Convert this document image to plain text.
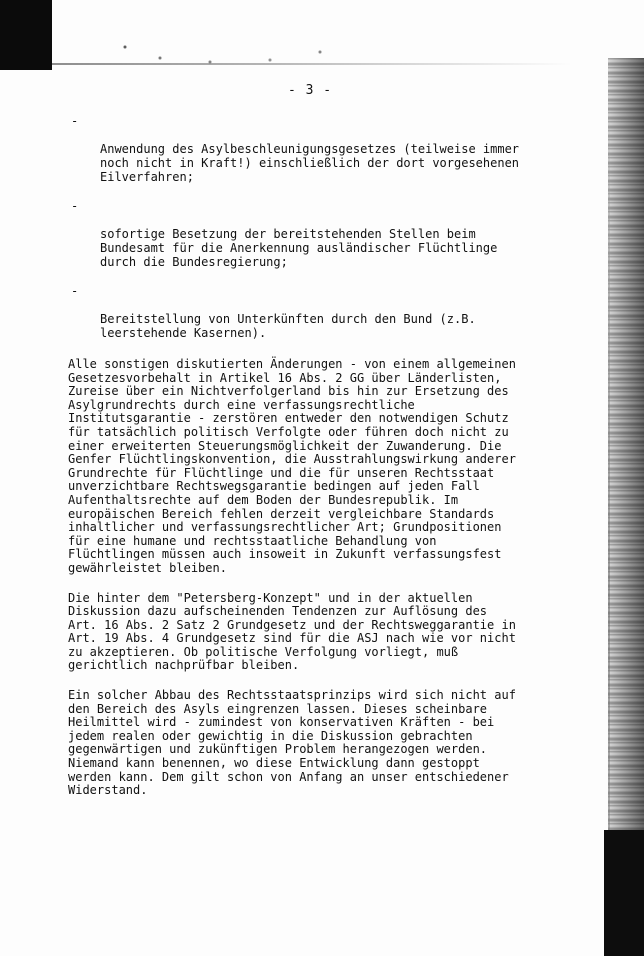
- 3 -

-

Anwendung des Asylbeschleunigungsgesetzes (teilweise immer
noch nicht in Kraft!) einschließlich der dort vorgesehenen
Eilverfahren;

-

sofortige Besetzung der bereitstehenden Stellen beim
Bundesamt für die Anerkennung ausländischer Flüchtlinge
durch die Bundesregierung;

-

Bereitstellung von Unterkünften durch den Bund (z.B.
leerstehende Kasernen).

Alle sonstigen diskutierten Änderungen - von einem allgemeinen
Gesetzesvorbehalt in Artikel 16 Abs. 2 GG über Länderlisten,
Zureise über ein Nichtverfolgerland bis hin zur Ersetzung des
Asylgrundrechts durch eine verfassungsrechtliche
Institutsgarantie - zerstören entweder den notwendigen Schutz
für tatsächlich politisch Verfolgte oder führen doch nicht zu
einer erweiterten Steuerungsmöglichkeit der Zuwanderung. Die
Genfer Flüchtlingskonvention, die Ausstrahlungswirkung anderer
Grundrechte für Flüchtlinge und die für unseren Rechtsstaat
unverzichtbare Rechtswegsgarantie bedingen auf jeden Fall
Aufenthaltsrechte auf dem Boden der Bundesrepublik. Im
europäischen Bereich fehlen derzeit vergleichbare Standards
inhaltlicher und verfassungsrechtlicher Art; Grundpositionen
für eine humane und rechtsstaatliche Behandlung von
Flüchtlingen müssen auch insoweit in Zukunft verfassungsfest
gewährleistet bleiben.

Die hinter dem "Petersberg-Konzept" und in der aktuellen
Diskussion dazu aufscheinenden Tendenzen zur Auflösung des
Art. 16 Abs. 2 Satz 2 Grundgesetz und der Rechtsweggarantie in
Art. 19 Abs. 4 Grundgesetz sind für die ASJ nach wie vor nicht
zu akzeptieren. Ob politische Verfolgung vorliegt, muß
gerichtlich nachprüfbar bleiben.

Ein solcher Abbau des Rechtsstaatsprinzips wird sich nicht auf
den Bereich des Asyls eingrenzen lassen. Dieses scheinbare
Heilmittel wird - zumindest von konservativen Kräften - bei
jedem realen oder gewichtig in die Diskussion gebrachten
gegenwärtigen und zukünftigen Problem herangezogen werden.
Niemand kann benennen, wo diese Entwicklung dann gestoppt
werden kann. Dem gilt schon von Anfang an unser entschiedener
Widerstand.
